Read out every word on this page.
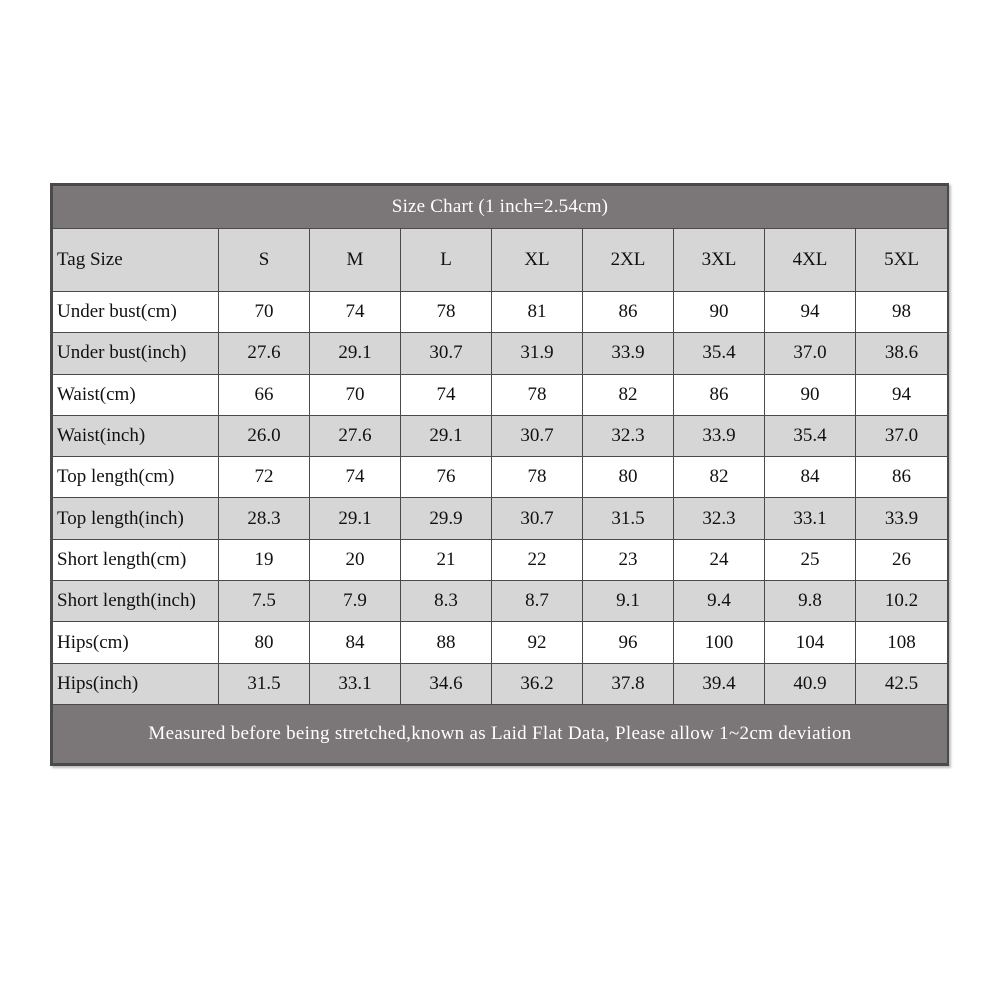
Size Chart (1 inch=2.54cm)								
Tag Size	S	M	L	XL	2XL	3XL	4XL	5XL
Under bust(cm)	70	74	78	81	86	90	94	98
Under bust(inch)	27.6	29.1	30.7	31.9	33.9	35.4	37.0	38.6
Waist(cm)	66	70	74	78	82	86	90	94
Waist(inch)	26.0	27.6	29.1	30.7	32.3	33.9	35.4	37.0
Top length(cm)	72	74	76	78	80	82	84	86
Top length(inch)	28.3	29.1	29.9	30.7	31.5	32.3	33.1	33.9
Short length(cm)	19	20	21	22	23	24	25	26
Short length(inch)	7.5	7.9	8.3	8.7	9.1	9.4	9.8	10.2
Hips(cm)	80	84	88	92	96	100	104	108
Hips(inch)	31.5	33.1	34.6	36.2	37.8	39.4	40.9	42.5
Measured before being stretched,known as Laid Flat Data, Please allow 1~2cm deviation								
